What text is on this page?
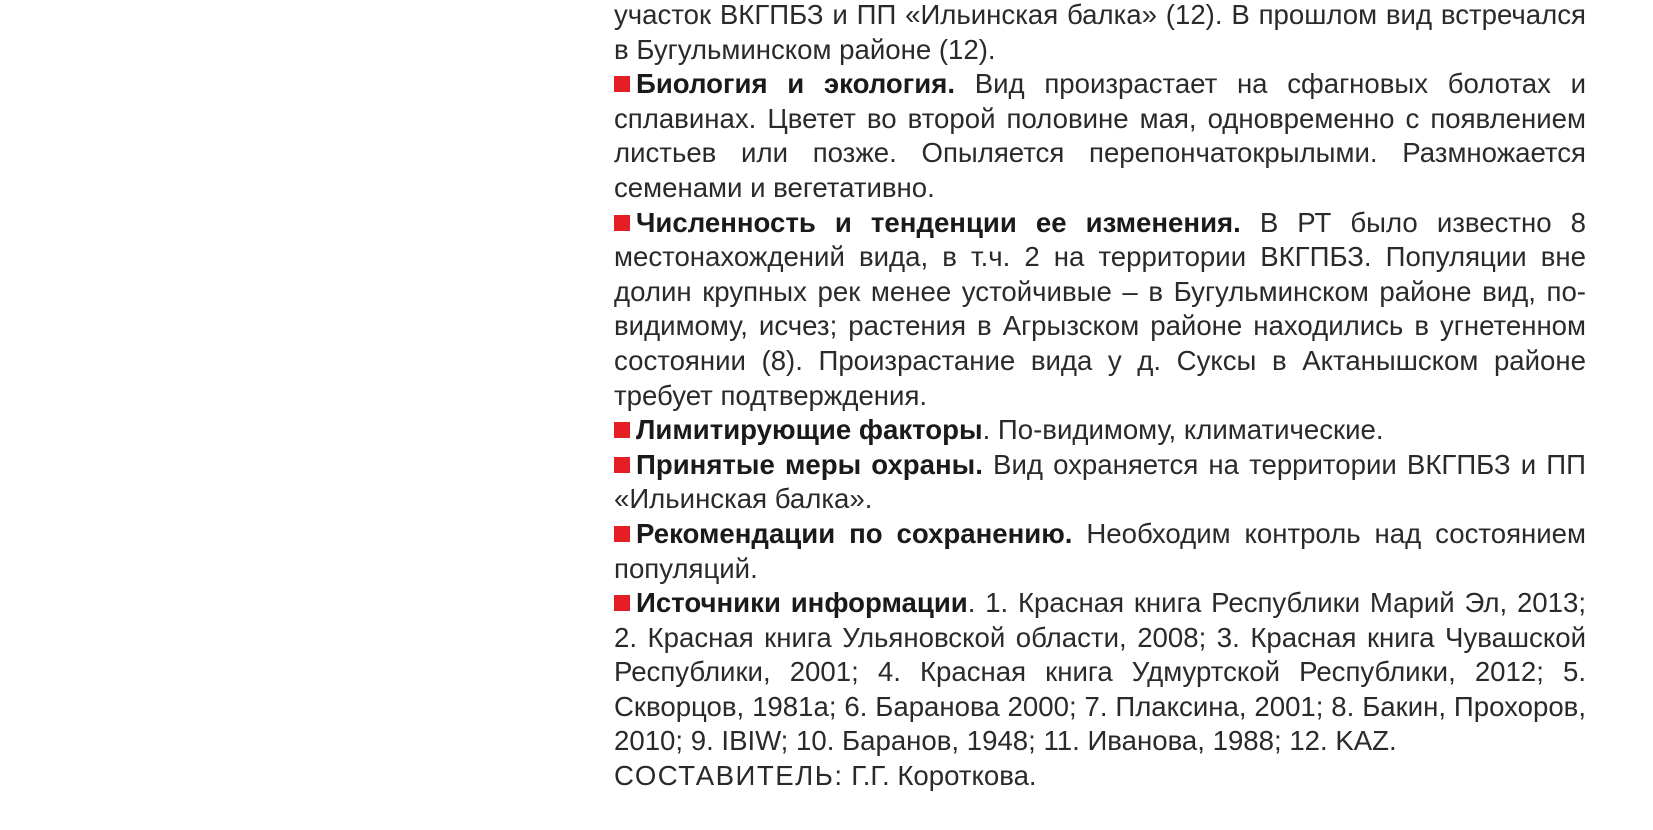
участок ВКГПБЗ и ПП «Ильинская балка» (12). В прошлом вид встречался в Бугульминском районе (12).

Биология и экология. Вид произрастает на сфагновых болотах и сплавинах. Цветет во второй половине мая, одновременно с появлением листьев или позже. Опыляется перепончатокрылыми. Размножается семенами и вегетативно.

Численность и тенденции ее изменения. В РТ было известно 8 местонахождений вида, в т.ч. 2 на территории ВКГПБЗ. Популяции вне долин крупных рек менее устойчивые – в Бугульминском районе вид, по-видимому, исчез; растения в Агрызском районе находились в угнетенном состоянии (8). Произрастание вида у д. Суксы в Актанышском районе требует подтверждения.

Лимитирующие факторы. По-видимому, климатические.

Принятые меры охраны. Вид охраняется на территории ВКГПБЗ и ПП «Ильинская балка».

Рекомендации по сохранению. Необходим контроль над состоянием популяций.

Источники информации. 1. Красная книга Республики Марий Эл, 2013; 2. Красная книга Ульяновской области, 2008; 3. Красная книга Чувашской Республики, 2001; 4. Красная книга Удмуртской Республики, 2012; 5. Скворцов, 1981а; 6. Баранова 2000; 7. Плаксина, 2001; 8. Бакин, Прохоров, 2010; 9. IBIW; 10. Баранов, 1948; 11. Иванова, 1988; 12. KAZ.

СОСТАВИТЕЛЬ: Г.Г. Короткова.
